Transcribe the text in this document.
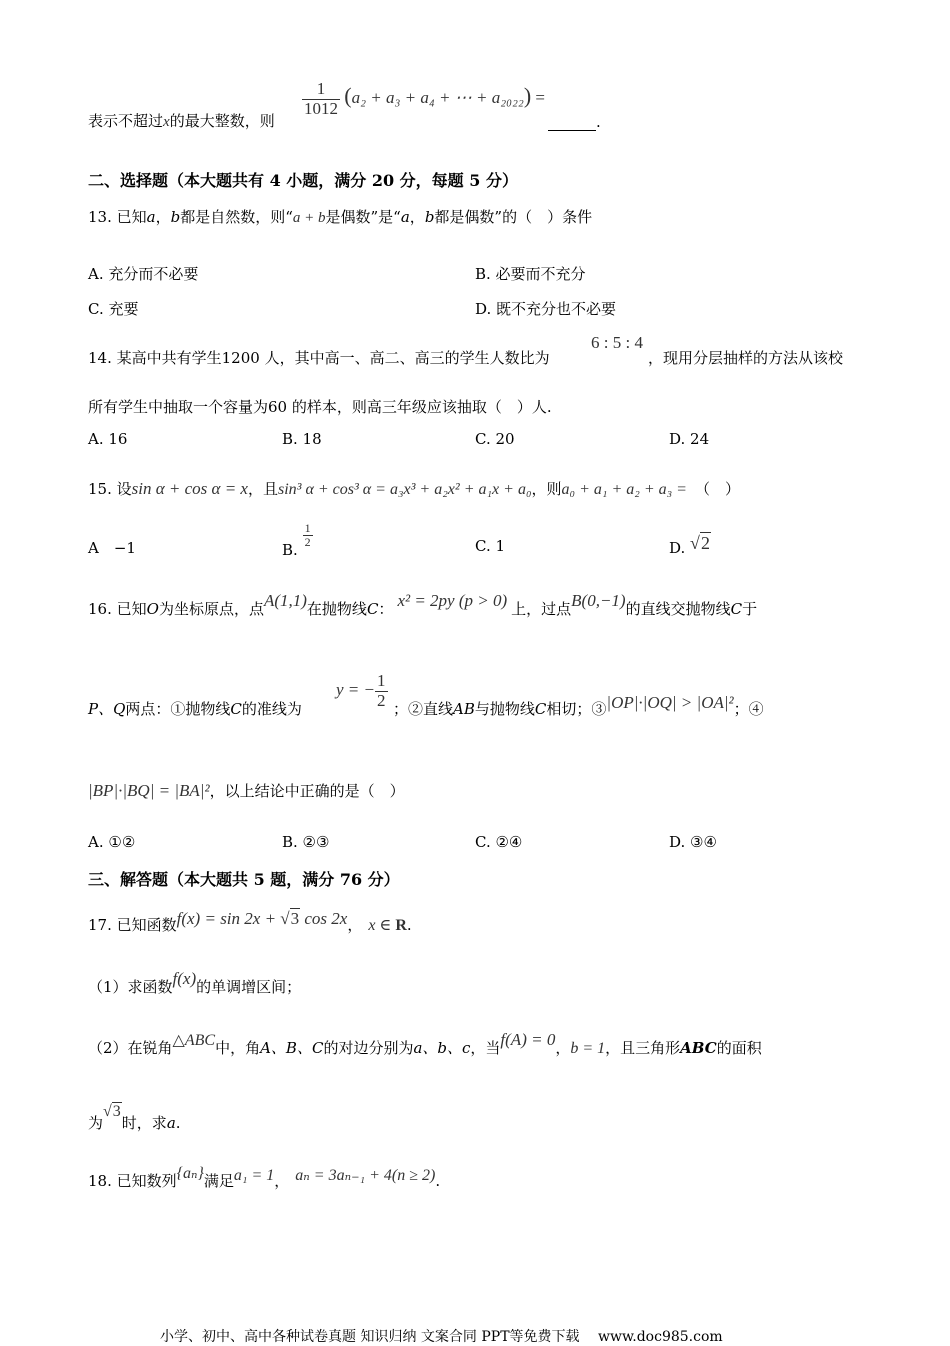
表示不超过x的最大整数，则
$\frac{1}{1012} (a_2 + a_3 + a_4$ + ⋯ + a₂₀₂₂) =
.
二、选择题（本大题共有 4 小题，满分 20 分，每题 5 分）
13. 已知a，b都是自然数，则“a + b是偶数”是“a，b都是偶数”的（　）条件
A. 充分而不必要	B. 必要而不充分
C. 充要	D. 既不充分也不必要
14. 某高中共有学生1200 人，其中高一、高二、高三的学生人数比为
6 : 5 : 4
，现用分层抽样的方法从该校
所有学生中抽取一个容量为60 的样本，则高三年级应该抽取（　）人.
A. 16	B. 18	C. 20	D. 24
15. 设sin α + cos α = x，且sin³ α + cos³ α = a₃x³ + a₂x² + a₁x + a₀，则a₀ + a₁ + a₂ + a₃ = （　）
A　−1	B.
$\frac{1}{2}$	C. 1	D. √2
16. 已知O为坐标原点，点A(1,1)在抛物线C： x² = 2py (p > 0) 上，过点B(0,−1)的直线交抛物线C于
P、Q两点：①抛物线C的准线为
y = − $\frac{1}{2}$ ；②直线AB与抛物线C相切；③|OP|·|OQ| > |OA|²；④
|BP|·|BQ| = |BA|²，以上结论中正确的是（　）
A. ①②	B. ②③	C. ②④	D. ③④
三、解答题（本大题共 5 题，满分 76 分）
17. 已知函数f(x) = sin 2x + √3 cos 2x， x ∈ R.
（1）求函数f(x)的单调增区间；
（2）在锐角△ABC中，角A、B、C的对边分别为a、b、c，当f(A) = 0，b = 1，且三角形ABC的面积
为√3时，求a.
18. 已知数列{aₙ}满足a₁ = 1， aₙ = 3aₙ₋₁ + 4(n ≥ 2).
小学、初中、高中各种试卷真题 知识归纳 文案合同 PPT等免费下载　 www.doc985.com
